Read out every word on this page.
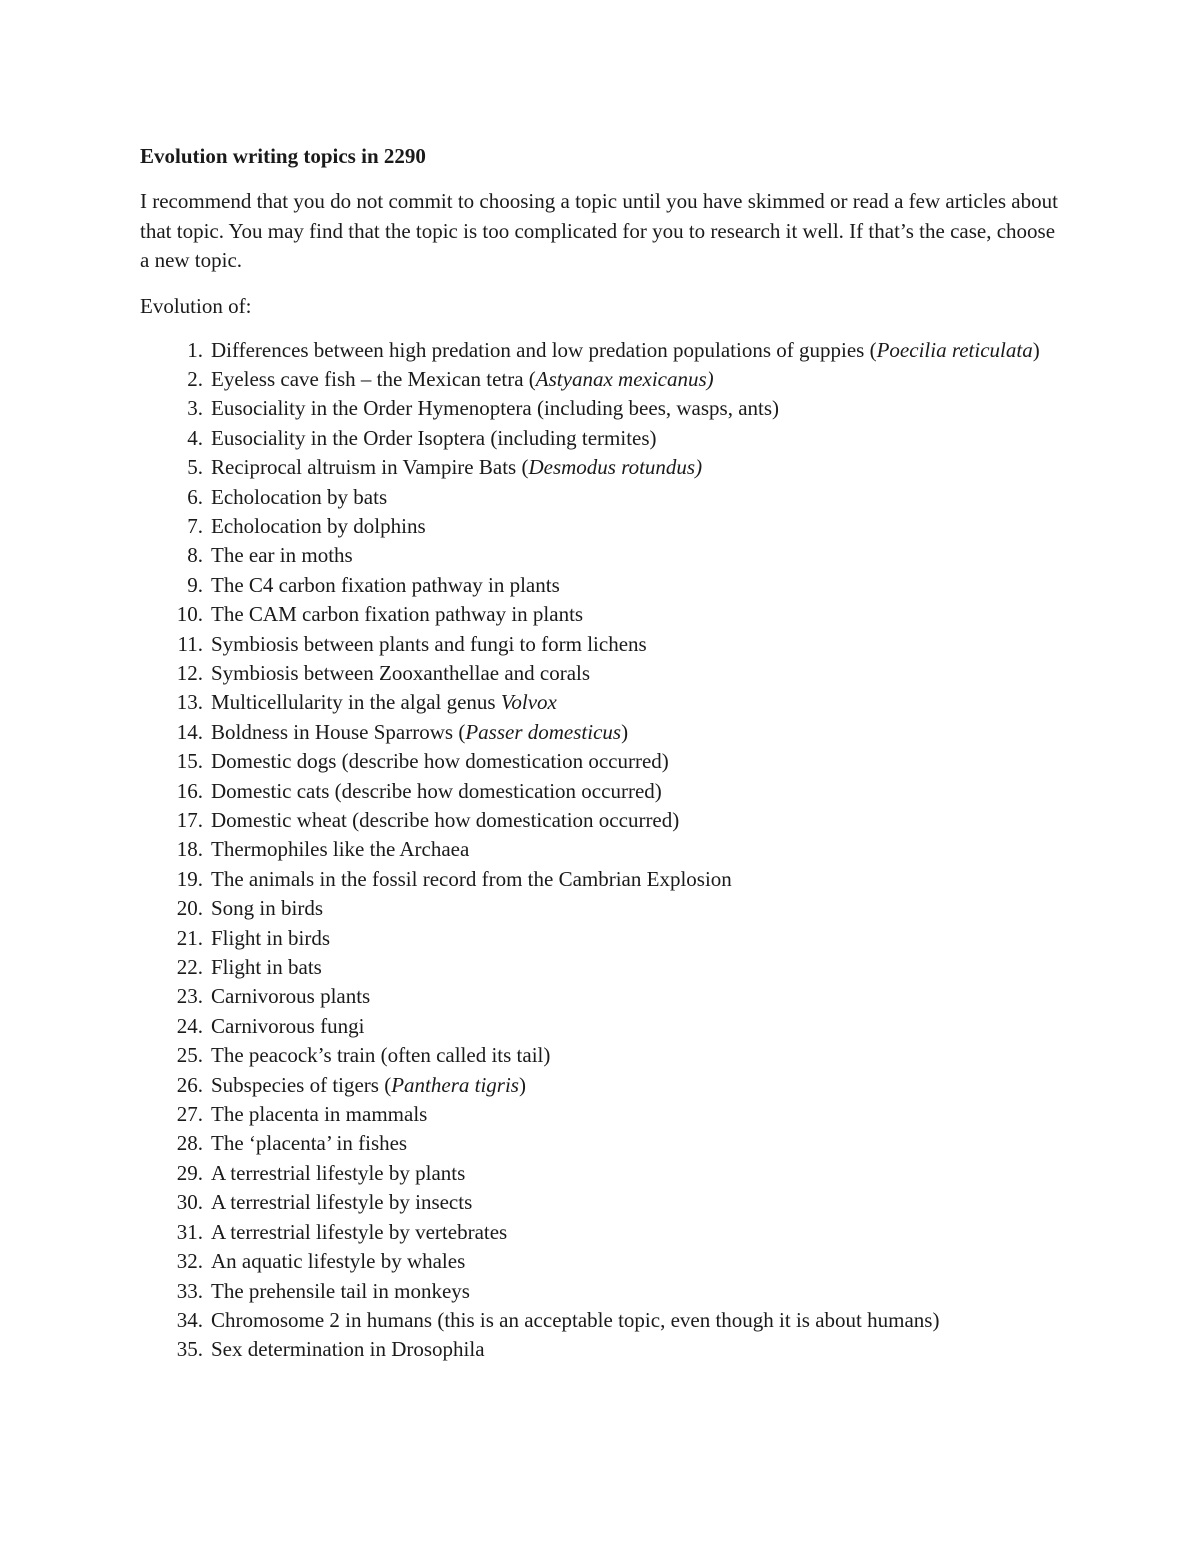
Evolution writing topics in 2290
I recommend that you do not commit to choosing a topic until you have skimmed or read a few articles about that topic. You may find that the topic is too complicated for you to research it well. If that’s the case, choose a new topic.
Evolution of:
1. Differences between high predation and low predation populations of guppies (Poecilia reticulata)
2. Eyeless cave fish – the Mexican tetra (Astyanax mexicanus)
3. Eusociality in the Order Hymenoptera (including bees, wasps, ants)
4. Eusociality in the Order Isoptera (including termites)
5. Reciprocal altruism in Vampire Bats (Desmodus rotundus)
6. Echolocation by bats
7. Echolocation by dolphins
8. The ear in moths
9. The C4 carbon fixation pathway in plants
10. The CAM carbon fixation pathway in plants
11. Symbiosis between plants and fungi to form lichens
12. Symbiosis between Zooxanthellae and corals
13. Multicellularity in the algal genus Volvox
14. Boldness in House Sparrows (Passer domesticus)
15. Domestic dogs (describe how domestication occurred)
16. Domestic cats (describe how domestication occurred)
17. Domestic wheat (describe how domestication occurred)
18. Thermophiles like the Archaea
19. The animals in the fossil record from the Cambrian Explosion
20. Song in birds
21. Flight in birds
22. Flight in bats
23. Carnivorous plants
24. Carnivorous fungi
25. The peacock’s train (often called its tail)
26. Subspecies of tigers (Panthera tigris)
27. The placenta in mammals
28. The ‘placenta’ in fishes
29. A terrestrial lifestyle by plants
30. A terrestrial lifestyle by insects
31. A terrestrial lifestyle by vertebrates
32. An aquatic lifestyle by whales
33. The prehensile tail in monkeys
34. Chromosome 2 in humans (this is an acceptable topic, even though it is about humans)
35. Sex determination in Drosophila
